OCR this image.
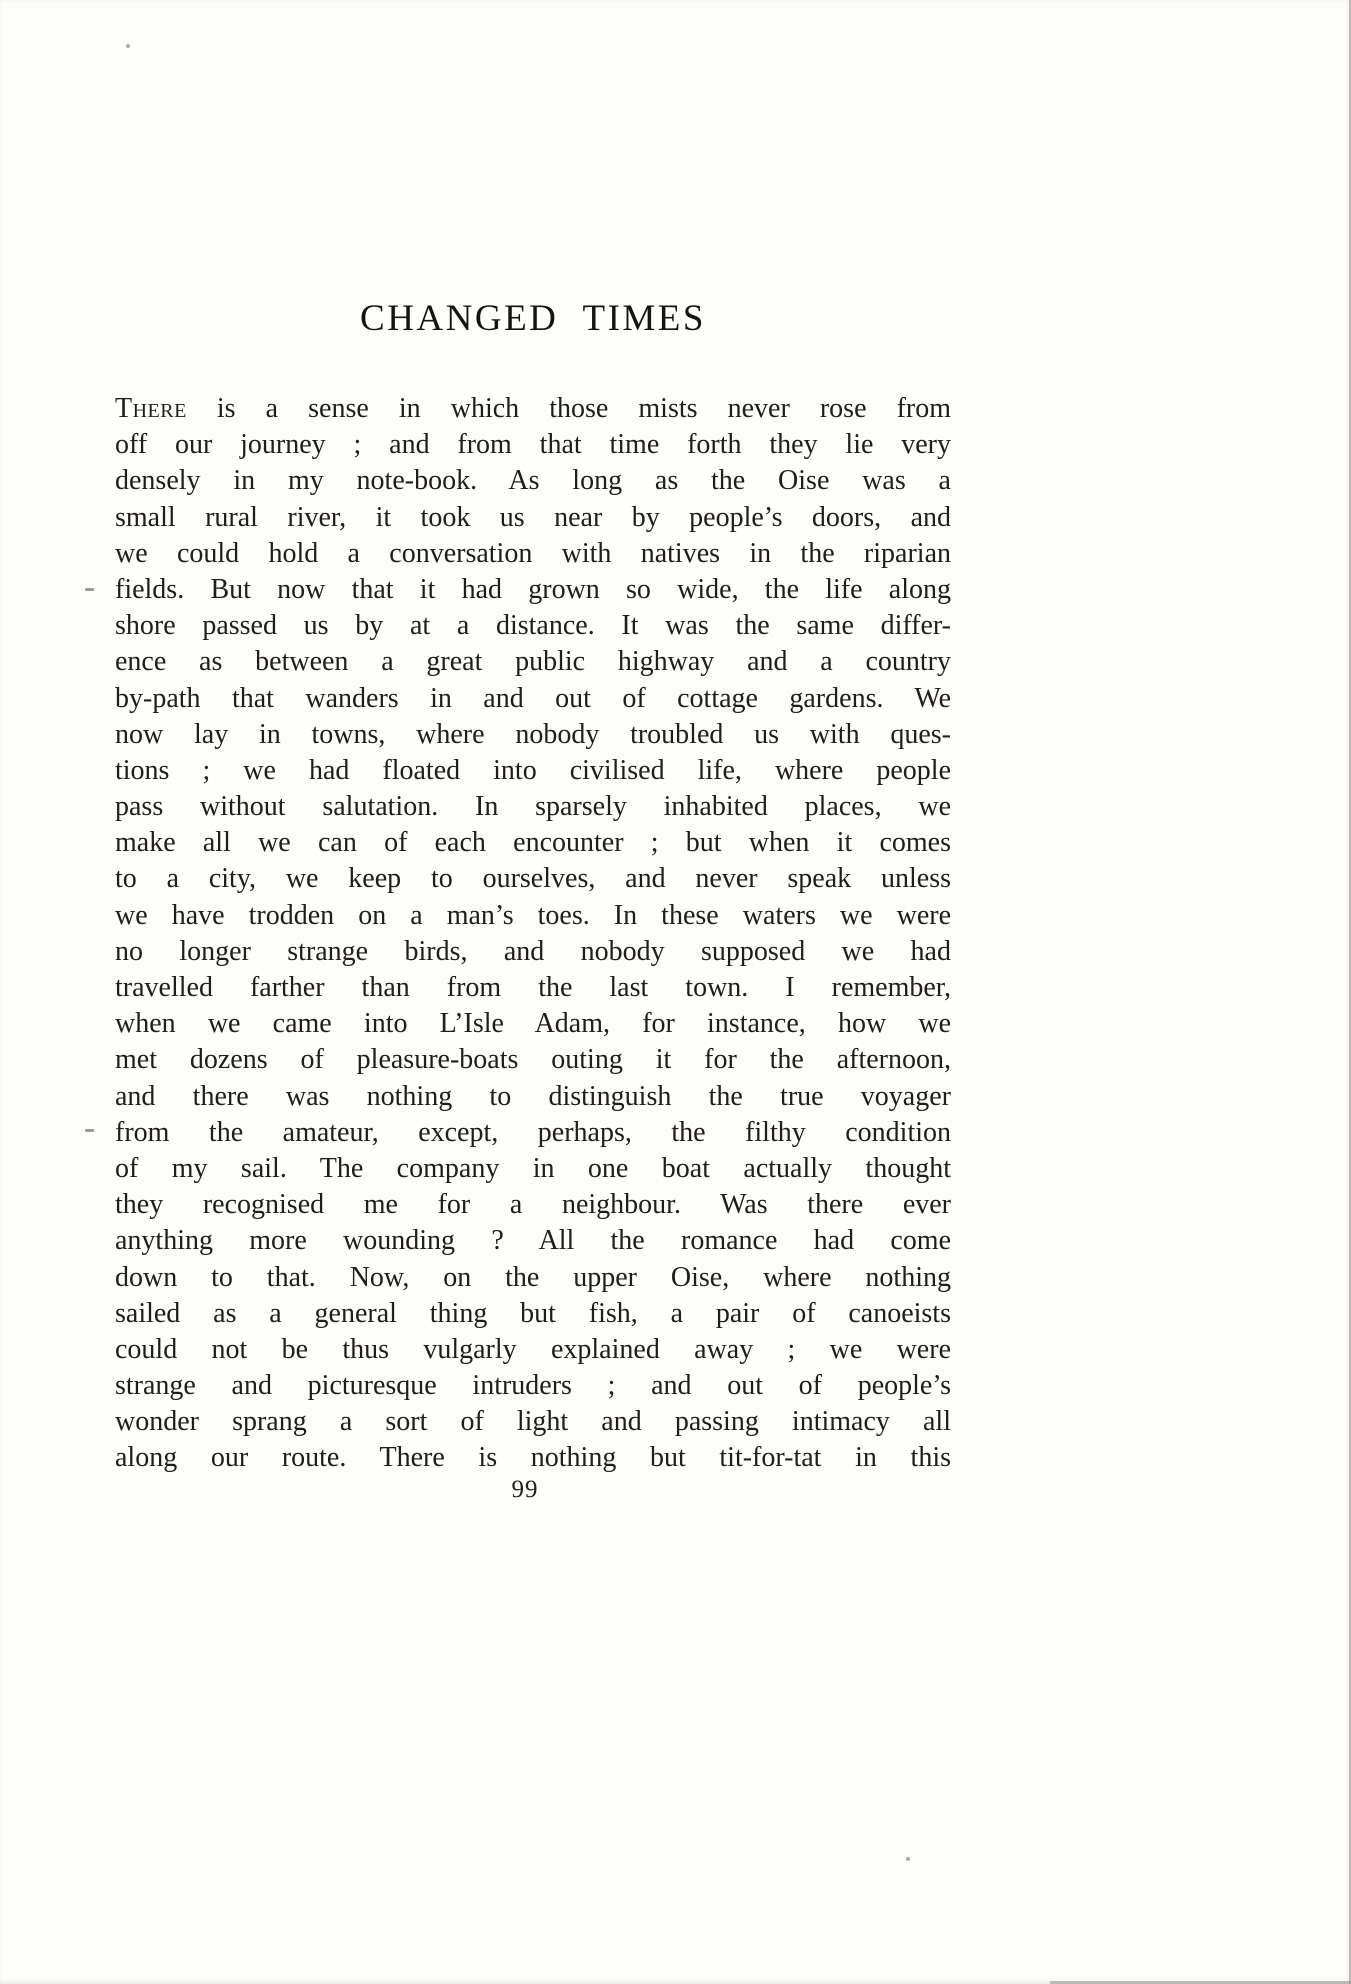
CHANGED TIMES
There is a sense in which those mists never rose from
off our journey ; and from that time forth they lie very
densely in my note-book. As long as the Oise was a
small rural river, it took us near by people’s doors, and
we could hold a conversation with natives in the riparian
fields. But now that it had grown so wide, the life along
shore passed us by at a distance. It was the same differ-
ence as between a great public highway and a country
by-path that wanders in and out of cottage gardens. We
now lay in towns, where nobody troubled us with ques-
tions ; we had floated into civilised life, where people
pass without salutation. In sparsely inhabited places, we
make all we can of each encounter ; but when it comes
to a city, we keep to ourselves, and never speak unless
we have trodden on a man’s toes. In these waters we were
no longer strange birds, and nobody supposed we had
travelled farther than from the last town. I remember,
when we came into L’Isle Adam, for instance, how we
met dozens of pleasure-boats outing it for the afternoon,
and there was nothing to distinguish the true voyager
from the amateur, except, perhaps, the filthy condition
of my sail. The company in one boat actually thought
they recognised me for a neighbour. Was there ever
anything more wounding ? All the romance had come
down to that. Now, on the upper Oise, where nothing
sailed as a general thing but fish, a pair of canoeists
could not be thus vulgarly explained away ; we were
strange and picturesque intruders ; and out of people’s
wonder sprang a sort of light and passing intimacy all
along our route. There is nothing but tit-for-tat in this
99
